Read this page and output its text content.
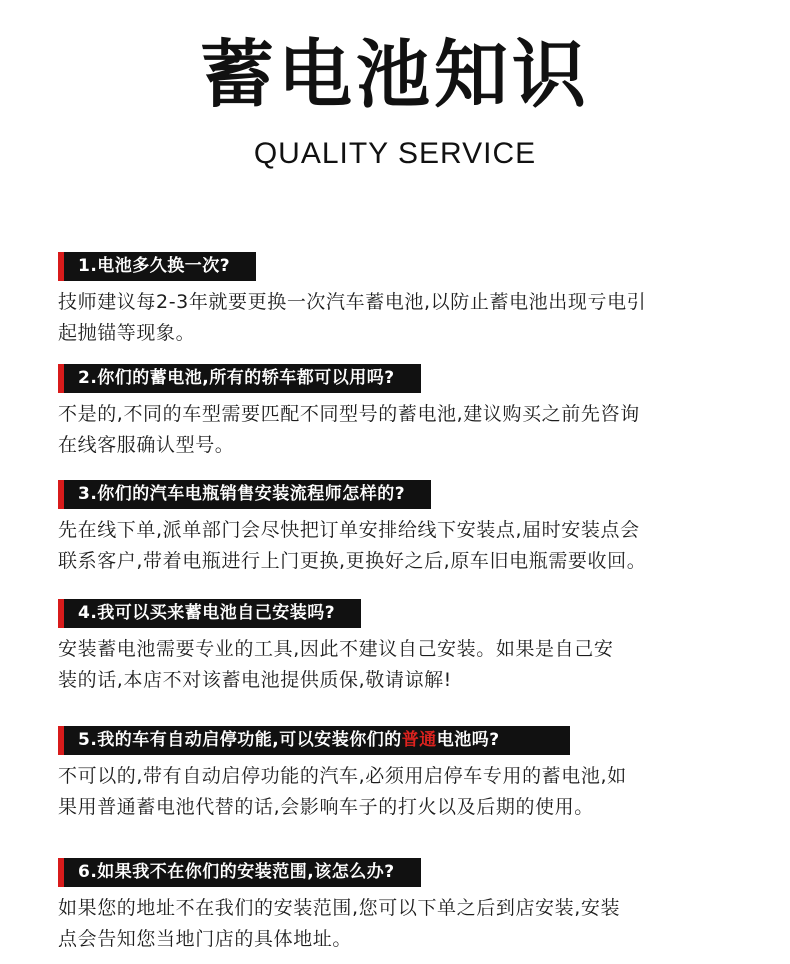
蓄电池知识
QUALITY SERVICE
1.电池多久换一次?
技师建议每2-3年就要更换一次汽车蓄电池,以防止蓄电池出现亏电引
起抛锚等现象。
2.你们的蓄电池,所有的轿车都可以用吗?
不是的,不同的车型需要匹配不同型号的蓄电池,建议购买之前先咨询
在线客服确认型号。
3.你们的汽车电瓶销售安装流程师怎样的?
先在线下单,派单部门会尽快把订单安排给线下安装点,届时安装点会
联系客户,带着电瓶进行上门更换,更换好之后,原车旧电瓶需要收回。
4.我可以买来蓄电池自己安装吗?
安装蓄电池需要专业的工具,因此不建议自己安装。如果是自己安
装的话,本店不对该蓄电池提供质保,敬请谅解!
5.我的车有自动启停功能,可以安装你们的普通电池吗?
不可以的,带有自动启停功能的汽车,必须用启停车专用的蓄电池,如
果用普通蓄电池代替的话,会影响车子的打火以及后期的使用。
6.如果我不在你们的安装范围,该怎么办?
如果您的地址不在我们的安装范围,您可以下单之后到店安装,安装
点会告知您当地门店的具体地址。
